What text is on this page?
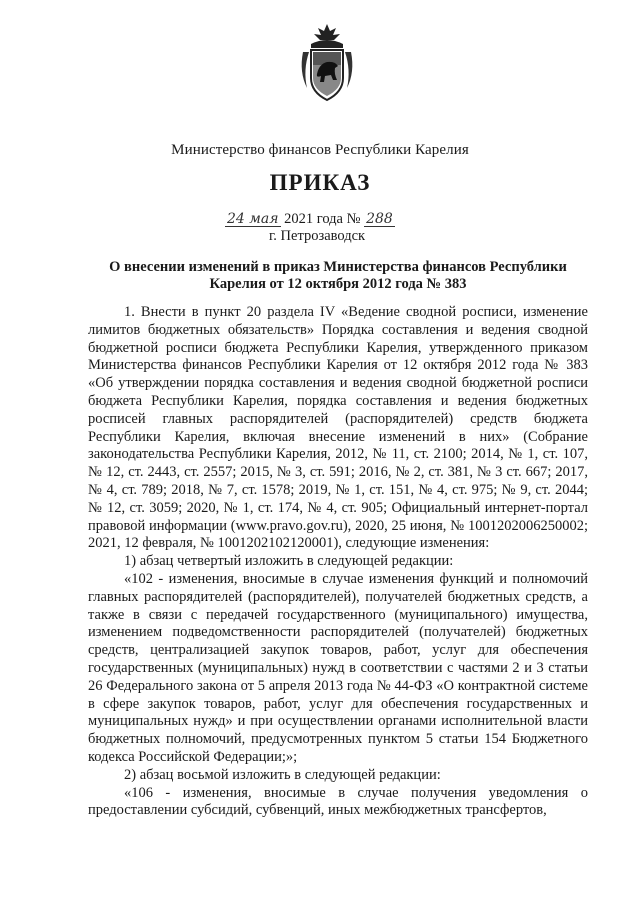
Министерство финансов Республики Карелия
ПРИКАЗ
24 мая 2021 года № 288
г. Петрозаводск
О внесении изменений в приказ Министерства финансов Республики Карелия от 12 октября 2012 года № 383

1. Внести в пункт 20 раздела IV «Ведение сводной росписи, изменение лимитов бюджетных обязательств» Порядка составления и ведения сводной бюджетной росписи бюджета Республики Карелия, утвержденного приказом Министерства финансов Республики Карелия от 12 октября 2012 года № 383 «Об утверждении порядка составления и ведения сводной бюджетной росписи бюджета Республики Карелия, порядка составления и ведения бюджетных росписей главных распорядителей (распорядителей) средств бюджета Республики Карелия, включая внесение изменений в них» (Собрание законодательства Республики Карелия, 2012, № 11, ст. 2100; 2014, № 1, ст. 107, № 12, ст. 2443, ст. 2557; 2015, № 3, ст. 591; 2016, № 2, ст. 381, № 3 ст. 667; 2017, № 4, ст. 789; 2018, № 7, ст. 1578; 2019, № 1, ст. 151, № 4, ст. 975; № 9, ст. 2044; № 12, ст. 3059; 2020, № 1, ст. 174, № 4, ст. 905; Официальный интернет-портал правовой информации (www.pravo.gov.ru), 2020, 25 июня, № 1001202006250002; 2021, 12 февраля, № 1001202102120001), следующие изменения:

1) абзац четвертый изложить в следующей редакции:

«102 - изменения, вносимые в случае изменения функций и полномочий главных распорядителей (распорядителей), получателей бюджетных средств, а также в связи с передачей государственного (муниципального) имущества, изменением подведомственности распорядителей (получателей) бюджетных средств, централизацией закупок товаров, работ, услуг для обеспечения государственных (муниципальных) нужд в соответствии с частями 2 и 3 статьи 26 Федерального закона от 5 апреля 2013 года № 44-ФЗ «О контрактной системе в сфере закупок товаров, работ, услуг для обеспечения государственных и муниципальных нужд» и при осуществлении органами исполнительной власти бюджетных полномочий, предусмотренных пунктом 5 статьи 154 Бюджетного кодекса Российской Федерации;»;

2) абзац восьмой изложить в следующей редакции:

«106 - изменения, вносимые в случае получения уведомления о предоставлении субсидий, субвенций, иных межбюджетных трансфертов,
